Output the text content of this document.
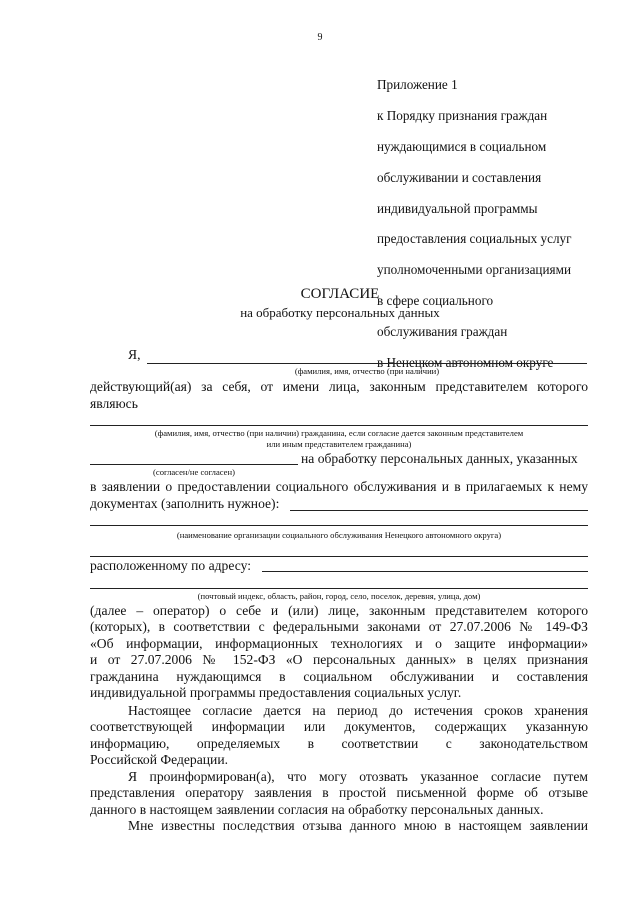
9

Приложение 1

к Порядку признания граждан

нуждающимися в социальном

обслуживании и составления

индивидуальной программы

предоставления социальных услуг

уполномоченными организациями

в сфере социального

обслуживания граждан

в Ненецком автономном округе

СОГЛАСИЕ
на обработку персональных данных
Я,
(фамилия, имя, отчество (при наличии)
действующий(ая) за себя, от имени лица, законным представителем которого
являюсь
(фамилия, имя, отчество (при наличии) гражданина, если согласие дается законным представителем
или иным представителем гражданина)
на обработку персональных данных, указанных
(согласен/не согласен)
в заявлении о предоставлении социального обслуживания и в прилагаемых к нему
документах (заполнить нужное):
(наименование организации социального обслуживания Ненецкого автономного округа)
расположенному по адресу:
(почтовый индекс, область, район, город, село, поселок, деревня, улица, дом)
(далее – оператор) о себе и (или) лице, законным представителем которого
(которых), в соответствии с федеральными законами от 27.07.2006 № 149-ФЗ
«Об информации, информационных технологиях и о защите информации»
и от 27.07.2006 № 152-ФЗ «О персональных данных» в целях признания
гражданина нуждающимся в социальном обслуживании и составления
индивидуальной программы предоставления социальных услуг.
Настоящее согласие дается на период до истечения сроков хранения
соответствующей информации или документов, содержащих указанную
информацию, определяемых в соответствии с законодательством
Российской Федерации.
Я проинформирован(а), что могу отозвать указанное согласие путем
представления оператору заявления в простой письменной форме об отзыве
данного в настоящем заявлении согласия на обработку персональных данных.
Мне известны последствия отзыва данного мною в настоящем заявлении
